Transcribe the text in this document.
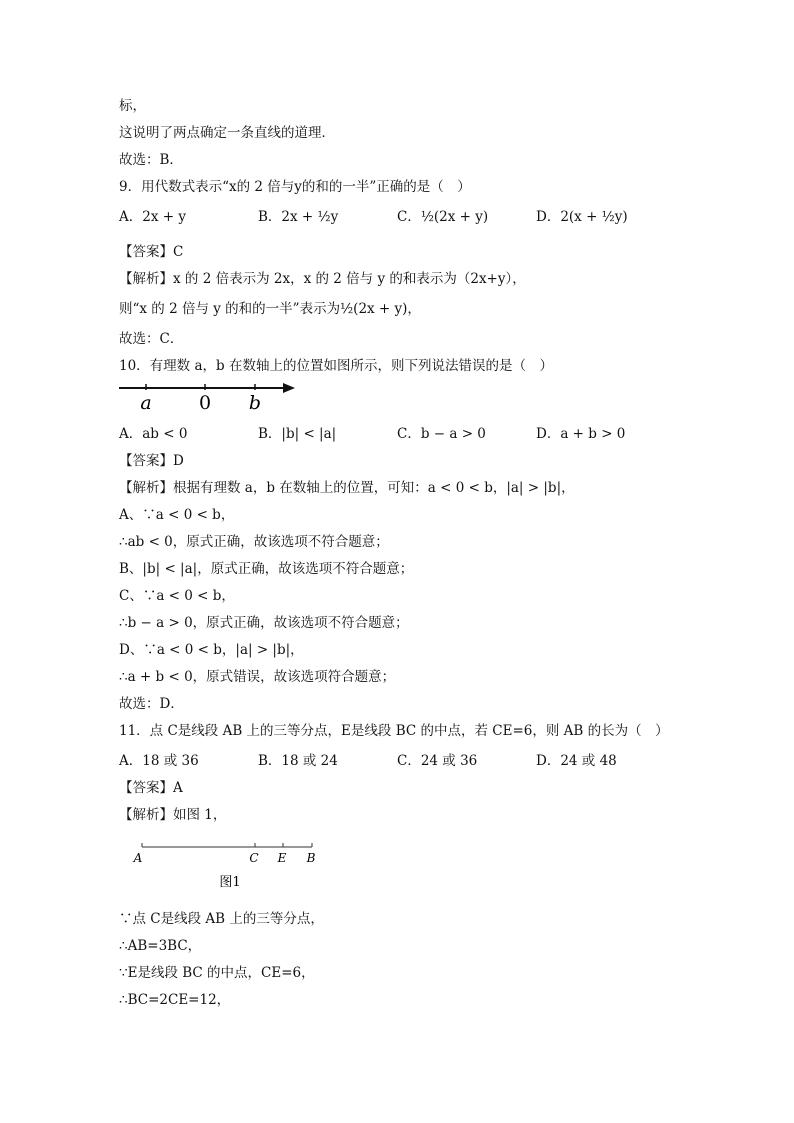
标，
这说明了两点确定一条直线的道理．
故选：B．
9．用代数式表示“x的 2 倍与y的和的一半”正确的是（　）
A．2x + y	B．2x + ½y	C．½(2x + y)	D．2(x + ½y)
【答案】C
【解析】x 的 2 倍表示为 2x，x 的 2 倍与 y 的和表示为（2x+y），
则“x 的 2 倍与 y 的和的一半”表示为½(2x + y)，
故选：C．
10．有理数 a，b 在数轴上的位置如图所示，则下列说法错误的是（　）
a 0 b
A．ab < 0	B．|b| < |a|	C．b − a > 0	D．a + b > 0
【答案】D
【解析】根据有理数 a，b 在数轴上的位置，可知：a < 0 < b，|a| > |b|，
A、∵a < 0 < b，
∴ab < 0，原式正确，故该选项不符合题意；
B、|b| < |a|，原式正确，故该选项不符合题意；
C、∵a < 0 < b，
∴b − a > 0，原式正确，故该选项不符合题意；
D、∵a < 0 < b，|a| > |b|，
∴a + b < 0，原式错误，故该选项符合题意；
故选：D．
11．点 C是线段 AB 上的三等分点，E是线段 BC 的中点，若 CE=6，则 AB 的长为（　）
A．18 或 36	B．18 或 24	C．24 或 36	D．24 或 48
【答案】A
【解析】如图 1，
A	C E B
图1
∵点 C是线段 AB 上的三等分点，
∴AB=3BC，
∵E是线段 BC 的中点，CE=6，
∴BC=2CE=12，
